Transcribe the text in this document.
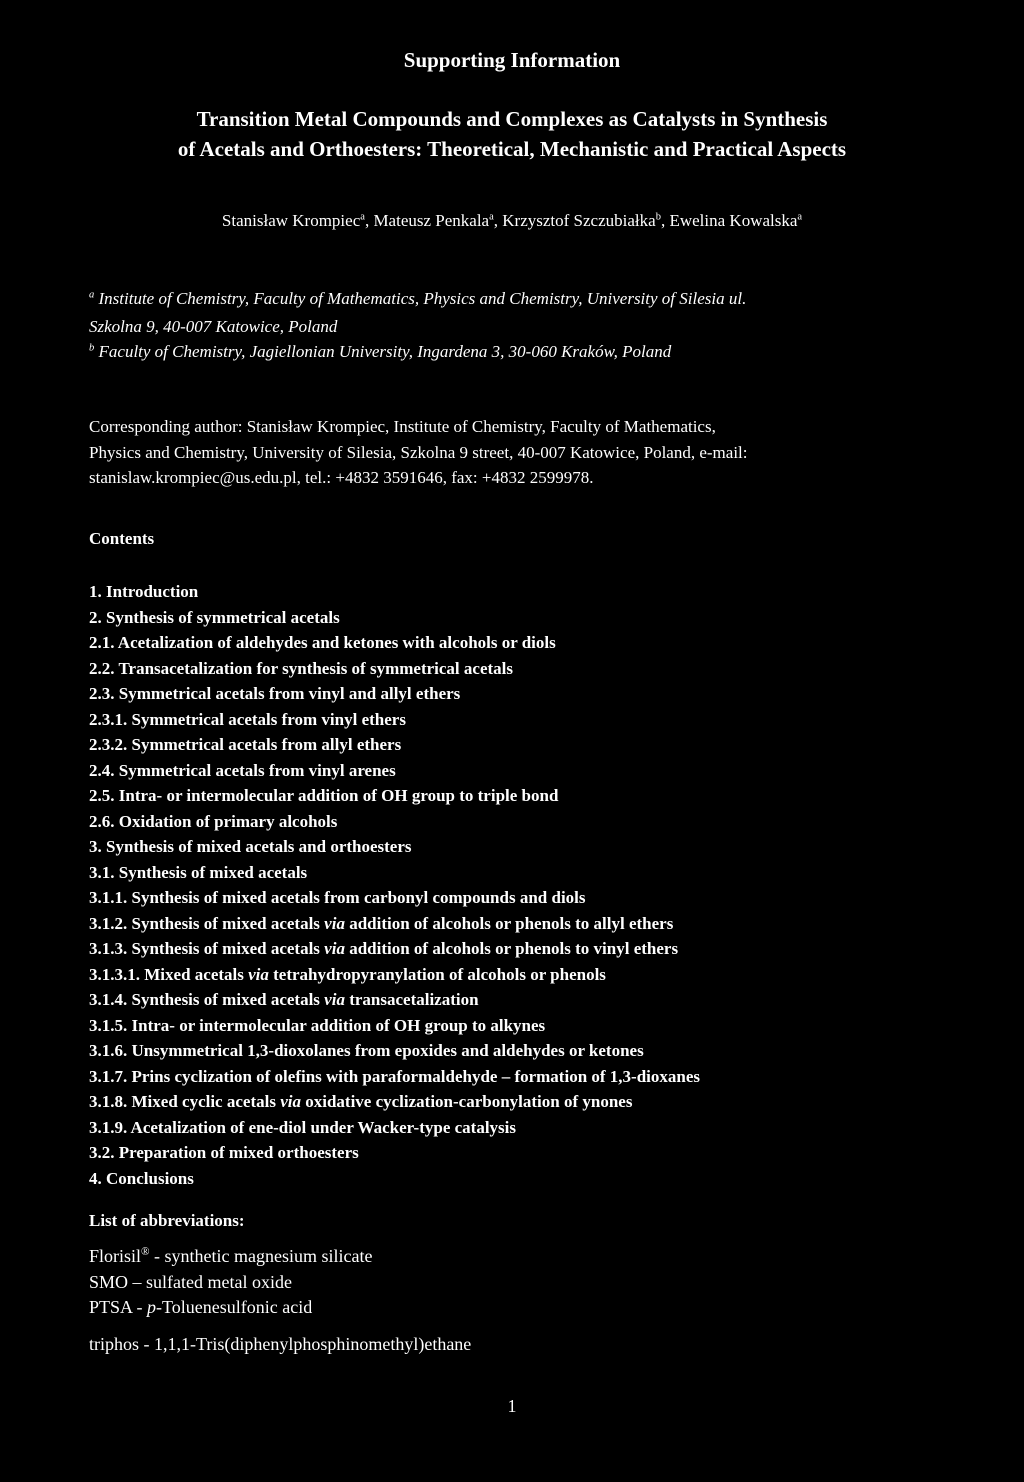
Supporting Information
Transition Metal Compounds and Complexes as Catalysts in Synthesis
of Acetals and Orthoesters: Theoretical, Mechanistic and Practical Aspects
Stanisław Krompiec$^a$, Mateusz Penkala$^a$, Krzysztof Szczubiałka$^b$, Ewelina Kowalska$^a$
$^a$ Institute of Chemistry, Faculty of Mathematics, Physics and Chemistry, University of Silesia ul.
Szkolna 9, 40-007 Katowice, Poland
$^b$ Faculty of Chemistry, Jagiellonian University, Ingardena 3, 30-060 Kraków, Poland
Corresponding author: Stanisław Krompiec, Institute of Chemistry, Faculty of Mathematics,
Physics and Chemistry, University of Silesia, Szkolna 9 street, 40-007 Katowice, Poland, e-mail:
stanislaw.krompiec@us.edu.pl, tel.: +4832 3591646, fax: +4832 2599978.
Contents
1. Introduction
2. Synthesis of symmetrical acetals
2.1. Acetalization of aldehydes and ketones with alcohols or diols
2.2. Transacetalization for synthesis of symmetrical acetals
2.3. Symmetrical acetals from vinyl and allyl ethers
2.3.1. Symmetrical acetals from vinyl ethers
2.3.2. Symmetrical acetals from allyl ethers
2.4. Symmetrical acetals from vinyl arenes
2.5. Intra- or intermolecular addition of OH group to triple bond
2.6. Oxidation of primary alcohols
3. Synthesis of mixed acetals and orthoesters
3.1. Synthesis of mixed acetals
3.1.1. Synthesis of mixed acetals from carbonyl compounds and diols
3.1.2. Synthesis of mixed acetals via addition of alcohols or phenols to allyl ethers
3.1.3. Synthesis of mixed acetals via addition of alcohols or phenols to vinyl ethers
3.1.3.1. Mixed acetals via tetrahydropyranylation of alcohols or phenols
3.1.4. Synthesis of mixed acetals via transacetalization
3.1.5. Intra- or intermolecular addition of OH group to alkynes
3.1.6. Unsymmetrical 1,3-dioxolanes from epoxides and aldehydes or ketones
3.1.7. Prins cyclization of olefins with paraformaldehyde – formation of 1,3-dioxanes
3.1.8. Mixed cyclic acetals via oxidative cyclization-carbonylation of ynones
3.1.9. Acetalization of ene-diol under Wacker-type catalysis
3.2. Preparation of mixed orthoesters
4. Conclusions
List of abbreviations:
Florisil® - synthetic magnesium silicate
SMO – sulfated metal oxide
PTSA - p-Toluenesulfonic acid
triphos - 1,1,1-Tris(diphenylphosphinomethyl)ethane
1
